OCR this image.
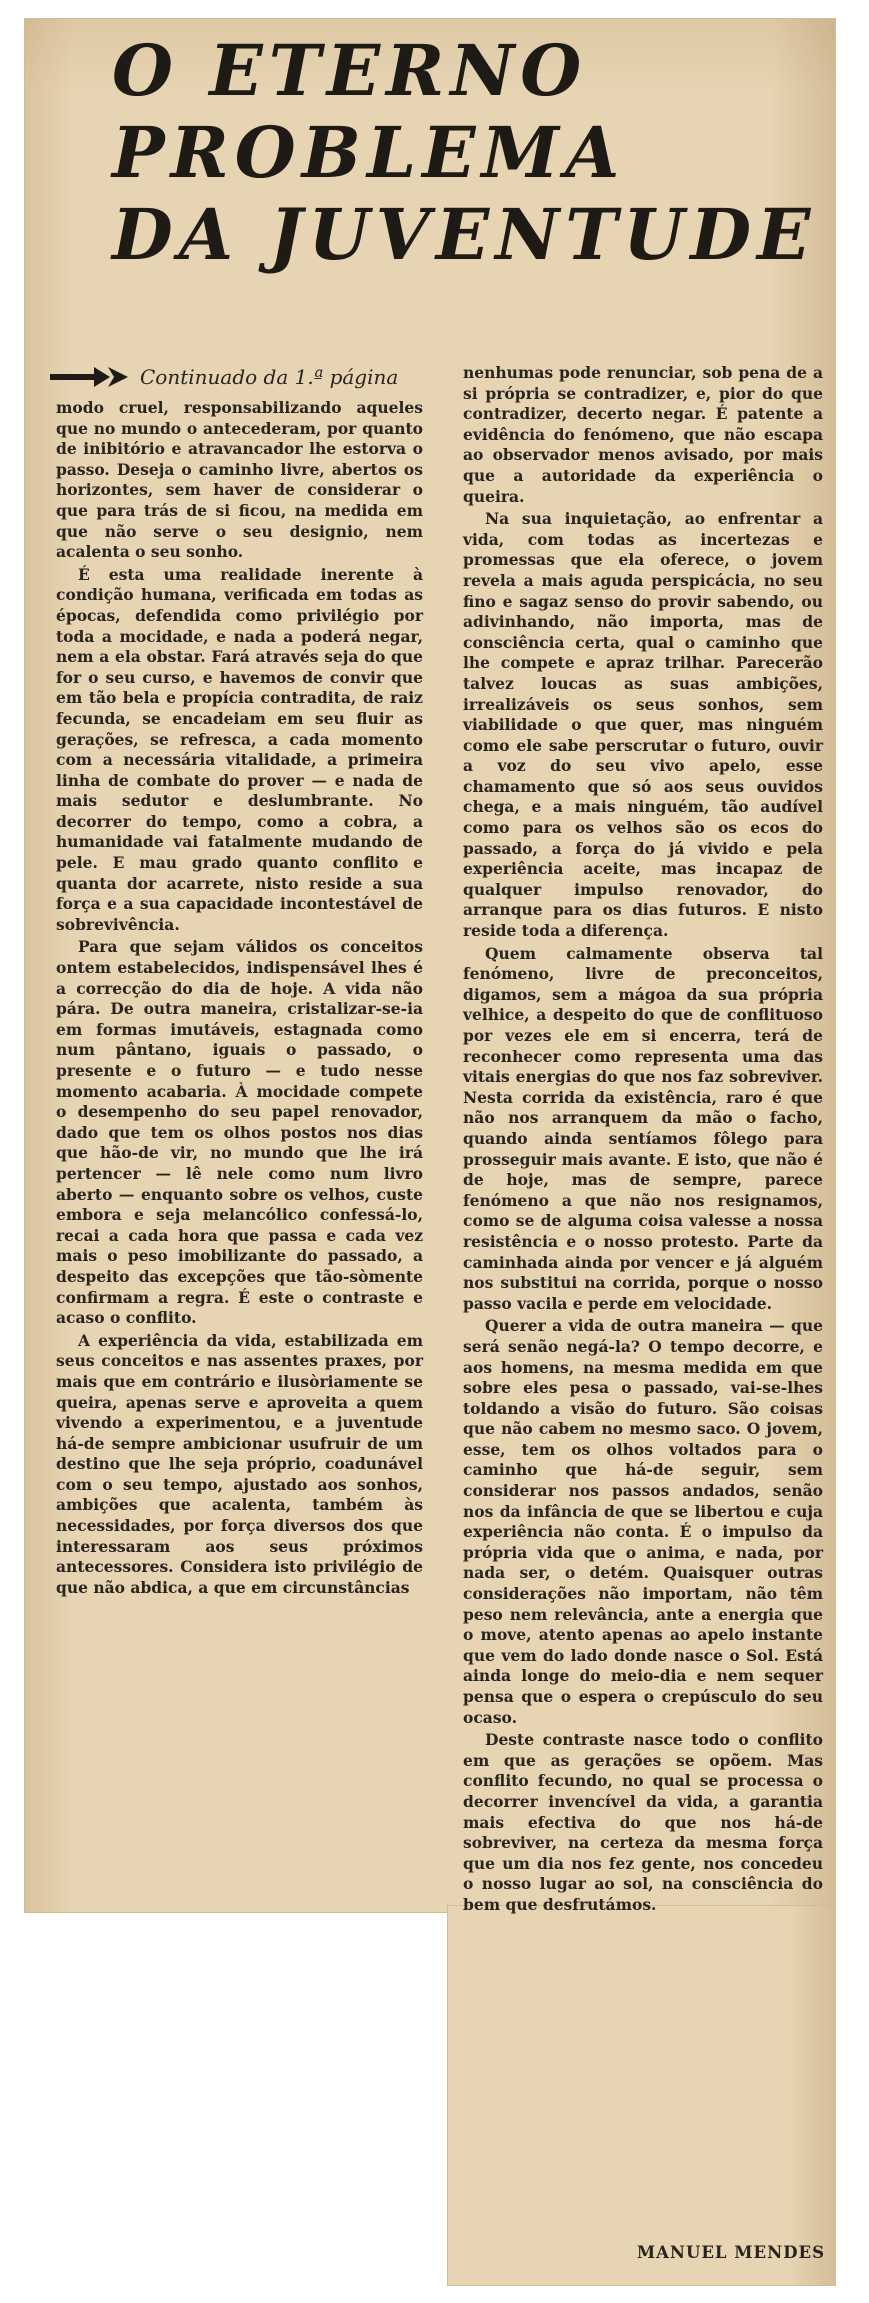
O ETERNO
PROBLEMA
DA JUVENTUDE
Continuado da 1.ª página

modo cruel, responsabilizando aqueles que no mundo o antecederam, por quanto de inibitório e atravancador lhe estorva o passo. Deseja o caminho livre, abertos os horizontes, sem haver de considerar o que para trás de si ficou, na medida em que não serve o seu designio, nem acalenta o seu sonho.

É esta uma realidade inerente à condição humana, verificada em todas as épocas, defendida como privilégio por toda a mocidade, e nada a poderá negar, nem a ela obstar. Fará através seja do que for o seu curso, e havemos de convir que em tão bela e propícia contradita, de raiz fecunda, se encadeiam em seu fluir as gerações, se refresca, a cada momento com a necessária vitalidade, a primeira linha de combate do prover — e nada de mais sedutor e deslumbrante. No decorrer do tempo, como a cobra, a humanidade vai fatalmente mudando de pele. E mau grado quanto conflito e quanta dor acarrete, nisto reside a sua força e a sua capacidade incontestável de sobrevivência.

Para que sejam válidos os conceitos ontem estabelecidos, indispensável lhes é a correcção do dia de hoje. A vida não pára. De outra maneira, cristalizar-se-ia em formas imutáveis, estagnada como num pântano, iguais o passado, o presente e o futuro — e tudo nesse momento acabaria. À mocidade compete o desempenho do seu papel renovador, dado que tem os olhos postos nos dias que hão-de vir, no mundo que lhe irá pertencer — lê nele como num livro aberto — enquanto sobre os velhos, custe embora e seja melancólico confessá-lo, recai a cada hora que passa e cada vez mais o peso imobilizante do passado, a despeito das excepções que tão-sòmente confirmam a regra. É este o contraste e acaso o conflito.

A experiência da vida, estabilizada em seus conceitos e nas assentes praxes, por mais que em contrário e ilusòriamente se queira, apenas serve e aproveita a quem vivendo a experimentou, e a juventude há-de sempre ambicionar usufruir de um destino que lhe seja próprio, coadunável com o seu tempo, ajustado aos sonhos, ambições que acalenta, também às necessidades, por força diversos dos que interessaram aos seus próximos antecessores. Considera isto privilégio de que não abdica, a que em circunstâncias

nenhumas pode renunciar, sob pena de a si própria se contradizer, e, pior do que contradizer, decerto negar. É patente a evidência do fenómeno, que não escapa ao observador menos avisado, por mais que a autoridade da experiência o queira.

Na sua inquietação, ao enfrentar a vida, com todas as incertezas e promessas que ela oferece, o jovem revela a mais aguda perspicácia, no seu fino e sagaz senso do provir sabendo, ou adivinhando, não importa, mas de consciência certa, qual o caminho que lhe compete e apraz trilhar. Parecerão talvez loucas as suas ambições, irrealizáveis os seus sonhos, sem viabilidade o que quer, mas ninguém como ele sabe perscrutar o futuro, ouvir a voz do seu vivo apelo, esse chamamento que só aos seus ouvidos chega, e a mais ninguém, tão audível como para os velhos são os ecos do passado, a força do já vivido e pela experiência aceite, mas incapaz de qualquer impulso renovador, do arranque para os dias futuros. E nisto reside toda a diferença.

Quem calmamente observa tal fenómeno, livre de preconceitos, digamos, sem a mágoa da sua própria velhice, a despeito do que de conflituoso por vezes ele em si encerra, terá de reconhecer como representa uma das vitais energias do que nos faz sobreviver. Nesta corrida da existência, raro é que não nos arranquem da mão o facho, quando ainda sentíamos fôlego para prosseguir mais avante. E isto, que não é de hoje, mas de sempre, parece fenómeno a que não nos resignamos, como se de alguma coisa valesse a nossa resistência e o nosso protesto. Parte da caminhada ainda por vencer e já alguém nos substitui na corrida, porque o nosso passo vacila e perde em velocidade.

Querer a vida de outra maneira — que será senão negá-la? O tempo decorre, e aos homens, na mesma medida em que sobre eles pesa o passado, vai-se-lhes toldando a visão do futuro. São coisas que não cabem no mesmo saco. O jovem, esse, tem os olhos voltados para o caminho que há-de seguir, sem considerar nos passos andados, senão nos da infância de que se libertou e cuja experiência não conta. É o impulso da própria vida que o anima, e nada, por nada ser, o detém. Quaisquer outras considerações não importam, não têm peso nem relevância, ante a energia que o move, atento apenas ao apelo instante que vem do lado donde nasce o Sol. Está ainda longe do meio-dia e nem sequer pensa que o espera o crepúsculo do seu ocaso.

Deste contraste nasce todo o conflito em que as gerações se opõem. Mas conflito fecundo, no qual se processa o decorrer invencível da vida, a garantia mais efectiva do que nos há-de sobreviver, na certeza da mesma força que um dia nos fez gente, nos concedeu o nosso lugar ao sol, na consciência do bem que desfrutámos.

MANUEL MENDES
